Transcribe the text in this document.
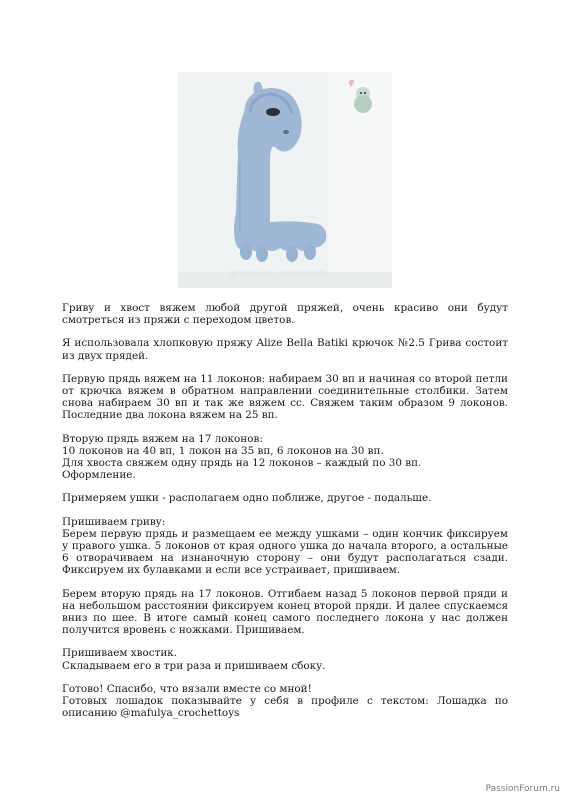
@mafulya_crochettoys

Гриву и хвост вяжем любой другой пряжей, очень красиво они будут смотреться из пряжи с переходом цветов.

Я использовала хлопковую пряжу Alize Bella Batiki крючок №2.5 Грива состоит из двух прядей.

Первую прядь вяжем на 11 локонов: набираем 30 вп и начиная со второй петли от крючка вяжем в обратном направлении соединительные столбики. Затем снова набираем 30 вп и так же вяжем сс. Свяжем таким образом 9 локонов. Последние два локона вяжем на 25 вп.

Вторую прядь вяжем на 17 локонов:
10 локонов на 40 вп, 1 локон на 35 вп, 6 локонов на 30 вп.
Для хвоста свяжем одну прядь на 12 локонов – каждый по 30 вп.
Оформление.

Примеряем ушки - располагаем одно поближе, другое - подальше.

Пришиваем гриву:
Берем первую прядь и размещаем ее между ушками – один кончик фиксируем у правого ушка. 5 локонов от края одного ушка до начала второго, а остальные 6 отворачиваем на изнаночную сторону – они будут располагаться сзади. Фиксируем их булавками и если все устраивает, пришиваем.

Берем вторую прядь на 17 локонов. Отгибаем назад 5 локонов первой пряди и на небольшом расстоянии фиксируем конец второй пряди. И далее спускаемся вниз по шее. В итоге самый конец самого последнего локона у нас должен получится вровень с ножками. Пришиваем.

Пришиваем хвостик.
Складываем его в три раза и пришиваем сбоку.

Готово! Спасибо, что вязали вместе со мной!
Готовых лошадок показывайте у себя в профиле с текстом: Лошадка по описанию @mafulya_crochettoys

PassionForum.ru
